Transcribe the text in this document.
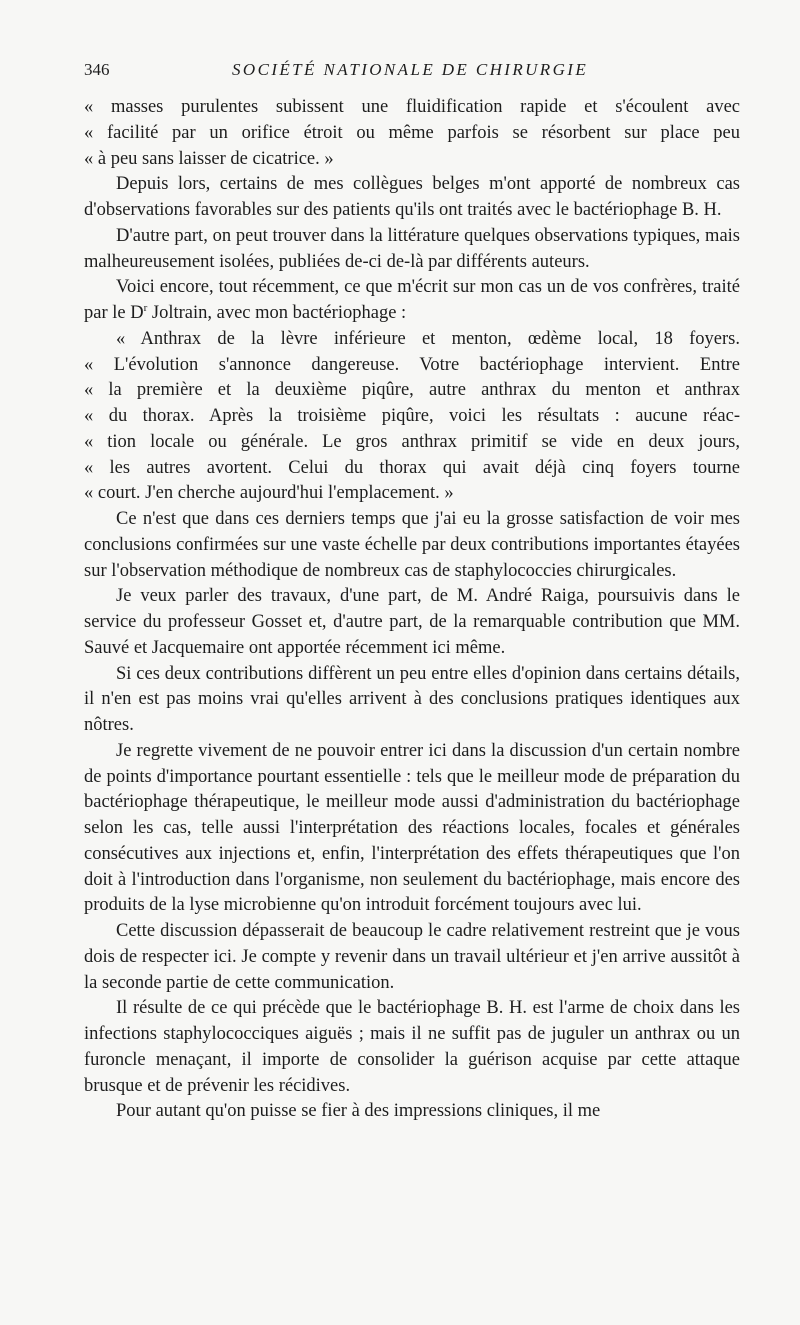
346	SOCIÉTÉ NATIONALE DE CHIRURGIE
« masses purulentes subissent une fluidification rapide et s'écoulent avec
« facilité par un orifice étroit ou même parfois se résorbent sur place peu
« à peu sans laisser de cicatrice. »

Depuis lors, certains de mes collègues belges m'ont apporté de nombreux cas d'observations favorables sur des patients qu'ils ont traités avec le bactériophage B. H.

D'autre part, on peut trouver dans la littérature quelques observations typiques, mais malheureusement isolées, publiées de-ci de-là par différents auteurs.

Voici encore, tout récemment, ce que m'écrit sur mon cas un de vos confrères, traité par le $D^r$ Joltrain, avec mon bactériophage :

« Anthrax de la lèvre inférieure et menton, œdème local, 18 foyers.
« L'évolution s'annonce dangereuse. Votre bactériophage intervient. Entre
« la première et la deuxième piqûre, autre anthrax du menton et anthrax
« du thorax. Après la troisième piqûre, voici les résultats : aucune réac-
« tion locale ou générale. Le gros anthrax primitif se vide en deux jours,
« les autres avortent. Celui du thorax qui avait déjà cinq foyers tourne
« court. J'en cherche aujourd'hui l'emplacement. »

Ce n'est que dans ces derniers temps que j'ai eu la grosse satisfaction de voir mes conclusions confirmées sur une vaste échelle par deux contributions importantes étayées sur l'observation méthodique de nombreux cas de staphylococcies chirurgicales.

Je veux parler des travaux, d'une part, de M. André Raiga, poursuivis dans le service du professeur Gosset et, d'autre part, de la remarquable contribution que MM. Sauvé et Jacquemaire ont apportée récemment ici même.

Si ces deux contributions diffèrent un peu entre elles d'opinion dans certains détails, il n'en est pas moins vrai qu'elles arrivent à des conclusions pratiques identiques aux nôtres.

Je regrette vivement de ne pouvoir entrer ici dans la discussion d'un certain nombre de points d'importance pourtant essentielle : tels que le meilleur mode de préparation du bactériophage thérapeutique, le meilleur mode aussi d'administration du bactériophage selon les cas, telle aussi l'interprétation des réactions locales, focales et générales consécutives aux injections et, enfin, l'interprétation des effets thérapeutiques que l'on doit à l'introduction dans l'organisme, non seulement du bactériophage, mais encore des produits de la lyse microbienne qu'on introduit forcément toujours avec lui.

Cette discussion dépasserait de beaucoup le cadre relativement restreint que je vous dois de respecter ici. Je compte y revenir dans un travail ultérieur et j'en arrive aussitôt à la seconde partie de cette communication.

Il résulte de ce qui précède que le bactériophage B. H. est l'arme de choix dans les infections staphylococciques aiguës ; mais il ne suffit pas de juguler un anthrax ou un furoncle menaçant, il importe de consolider la guérison acquise par cette attaque brusque et de prévenir les récidives.

Pour autant qu'on puisse se fier à des impressions cliniques, il me
